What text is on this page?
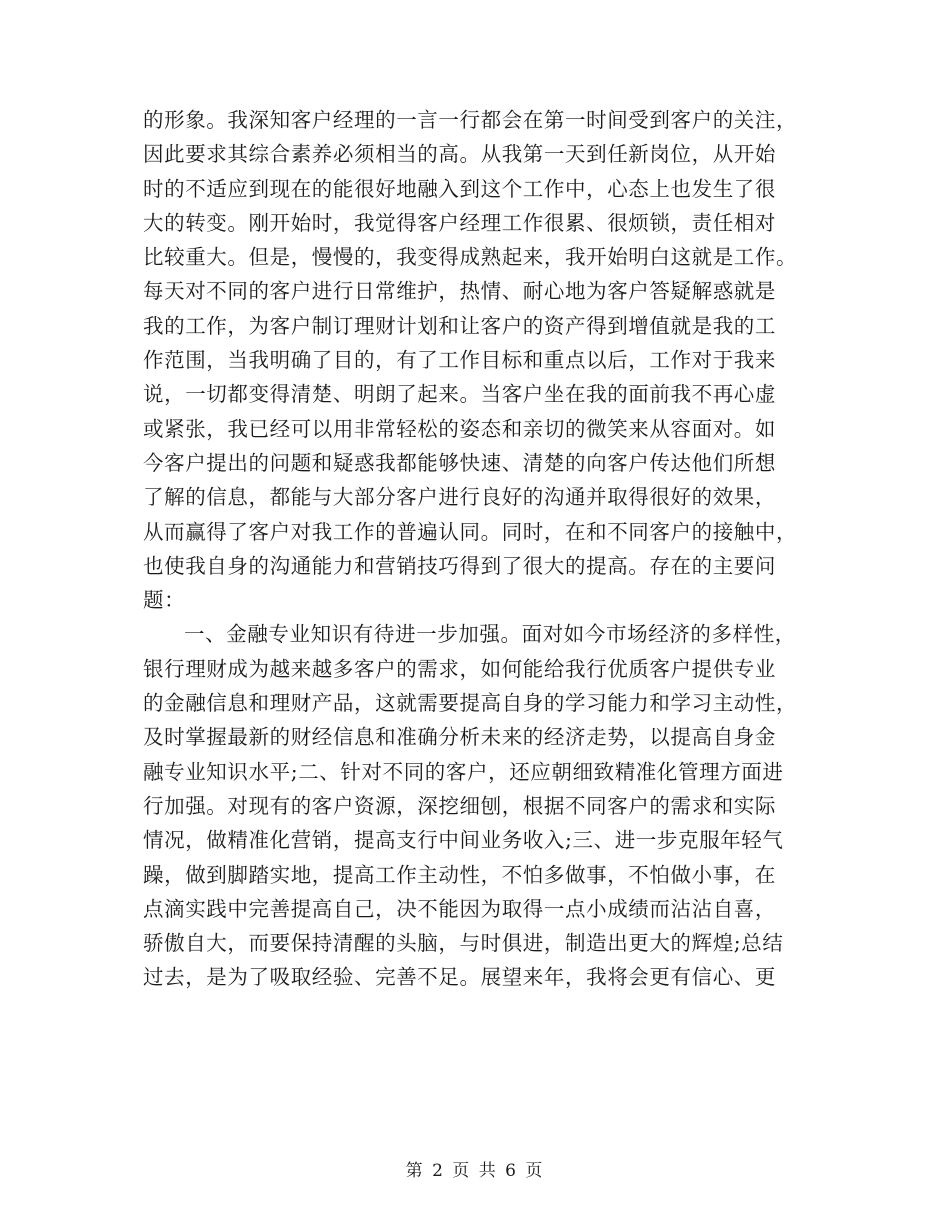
的形象。我深知客户经理的一言一行都会在第一时间受到客户的关注，
因此要求其综合素养必须相当的高。从我第一天到任新岗位，从开始
时的不适应到现在的能很好地融入到这个工作中，心态上也发生了很
大的转变。刚开始时，我觉得客户经理工作很累、很烦锁，责任相对
比较重大。但是，慢慢的，我变得成熟起来，我开始明白这就是工作。
每天对不同的客户进行日常维护，热情、耐心地为客户答疑解惑就是
我的工作，为客户制订理财计划和让客户的资产得到增值就是我的工
作范围，当我明确了目的，有了工作目标和重点以后，工作对于我来
说，一切都变得清楚、明朗了起来。当客户坐在我的面前我不再心虚
或紧张，我已经可以用非常轻松的姿态和亲切的微笑来从容面对。如
今客户提出的问题和疑惑我都能够快速、清楚的向客户传达他们所想
了解的信息，都能与大部分客户进行良好的沟通并取得很好的效果，
从而赢得了客户对我工作的普遍认同。同时，在和不同客户的接触中，
也使我自身的沟通能力和营销技巧得到了很大的提高。存在的主要问
题：
一、金融专业知识有待进一步加强。面对如今市场经济的多样性，
银行理财成为越来越多客户的需求，如何能给我行优质客户提供专业
的金融信息和理财产品，这就需要提高自身的学习能力和学习主动性，
及时掌握最新的财经信息和准确分析未来的经济走势，以提高自身金
融专业知识水平;二、针对不同的客户，还应朝细致精准化管理方面进
行加强。对现有的客户资源，深挖细刨，根据不同客户的需求和实际
情况，做精准化营销，提高支行中间业务收入;三、进一步克服年轻气
躁，做到脚踏实地，提高工作主动性，不怕多做事，不怕做小事，在
点滴实践中完善提高自己，决不能因为取得一点小成绩而沾沾自喜，
骄傲自大，而要保持清醒的头脑，与时俱进，制造出更大的辉煌;总结
过去，是为了吸取经验、完善不足。展望来年，我将会更有信心、更
第 2 页 共 6 页
